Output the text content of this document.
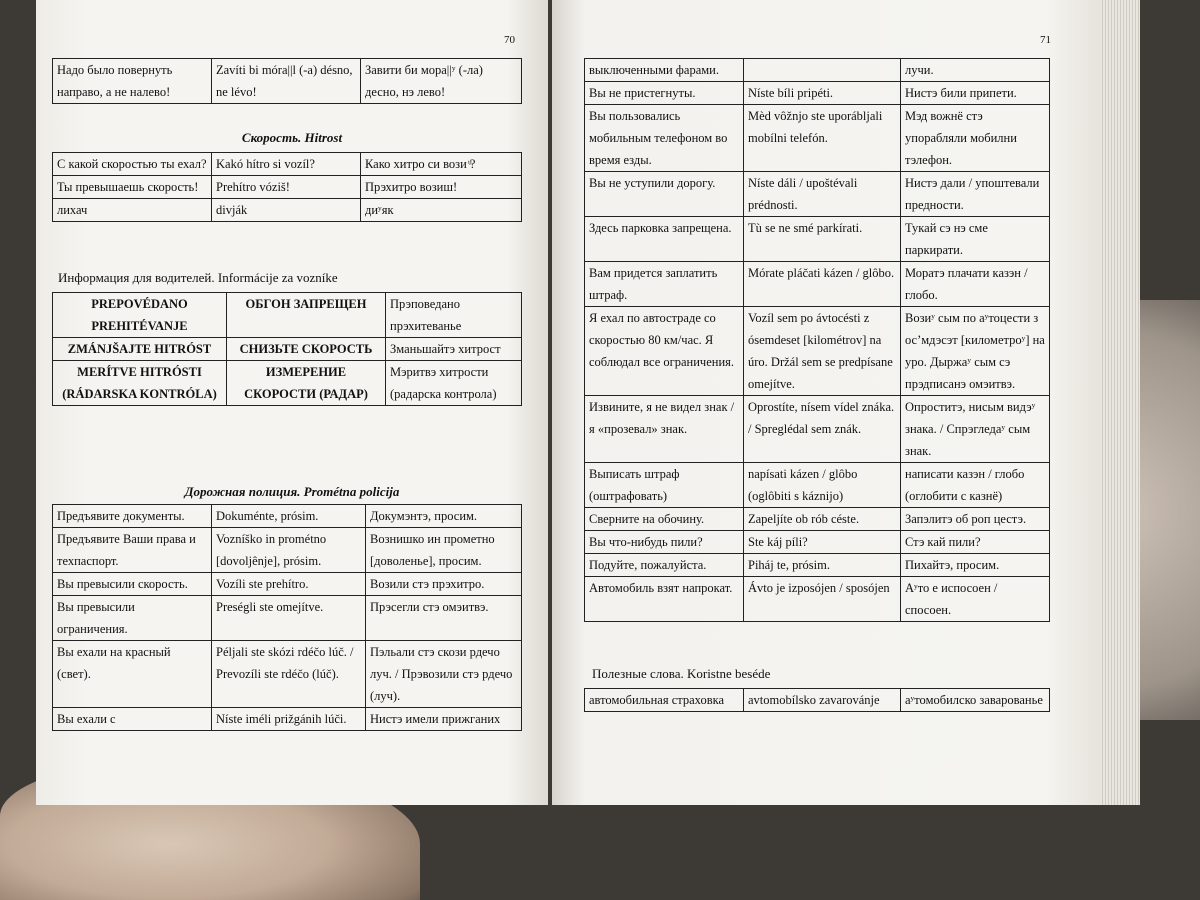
70
Надо было повернуть направо, а не налево!	Zavíti bi móra||l (-a) désno, ne lévo!	Завити би мора||ʸ (-ла) десно, нэ лево!
Скорость. Hitrost
С какой скоростью ты ехал?	Kakó hítro si vozíl?	Како хитро си вози ͧ?
Ты превышаешь скорость!	Prehítro vóziš!	Прэхитро возиш!
лихач	divják	диʸяк
Информация для водителей. Informácije za vozníke
PREPOVÉDANO PREHITÉVANJE	ОБГОН ЗАПРЕЩЕН	Прэповедано прэхитеванье
ZMÁNJŠAJTE HITRÓST	СНИЗЬТЕ СКОРОСТЬ	Зманьшайтэ хитрост
MERÍTVE HITRÓSTI (RÁDARSKA KONTRÓLA)	ИЗМЕРЕНИЕ СКОРОСТИ (РАДАР)	Мэритвэ хитрости (радарска контрола)
Дорожная полиция. Prométna policija
Предъявите документы.	Dokuménte, prósim.	Докумэнтэ, просим.
Предъявите Ваши права и техпаспорт.	Vozníško in prométno [dovoljênje], prósim.	Вознишко ин прометно [доволенье], просим.
Вы превысили скорость.	Vozíli ste prehítro.	Возили стэ прэхитро.
Вы превысили ограничения.	Preségli ste omejítve.	Прэсегли стэ омэитвэ.
Вы ехали на красный (свет).	Péljali ste skózi rdéčo lúč. / Prevozíli ste rdéčo (lúč).	Пэльали стэ скози рдечо луч. / Прэвозили стэ рдечо (луч).
Вы ехали с	Níste iméli prižgánih lúči.	Нистэ имели прижганих
71
выключенными фарами.		лучи.
Вы не пристегнуты.	Níste bíli pripéti.	Нистэ били припети.
Вы пользовались мобильным телефоном во время езды.	Mèd vôžnjo ste uporábljali mobílni telefón.	Мэд вожнё стэ упорабляли мобилни тэлефон.
Вы не уступили дорогу.	Níste dáli / upoštévali prédnosti.	Нистэ дали / упоштевали предности.
Здесь парковка запрещена.	Tù se ne smé parkírati.	Тукай сэ нэ сме паркирати.
Вам придется заплатить штраф.	Mórate pláčati kázen / glôbo.	Моратэ плачати казэн / глобо.
Я ехал по автостраде со скоростью 80 км/час. Я соблюдал все ограничения.	Vozíl sem po ávtocésti z ósemdeset [kilométrov] na úro. Držál sem se predpísane omejítve.	Возиʸ сым по аʸтоцести з ос’мдэсэт [километроʸ] на уро. Дыржаʸ сым сэ прэдписанэ омэитвэ.
Извините, я не видел знак / я «прозевал» знак.	Oprostíte, nísem vídel znáka. / Spreglédal sem znák.	Опроститэ, нисым видэʸ знака. / Спрэгледаʸ сым знак.
Выписать штраф (оштрафовать)	napísati kázen / glôbo (oglôbiti s káznijo)	написати казэн / глобо (оглобити с казнё)
Сверните на обочину.	Zapeljíte ob rób céste.	Запэлитэ об роп цестэ.
Вы что-нибудь пили?	Ste káj píli?	Стэ кай пили?
Подуйте, пожалуйста.	Piháj te, prósim.	Пихайтэ, просим.
Автомобиль взят напрокат.	Ávto je izposójen / sposójen	Аʸто е испосоен / спосоен.
Полезные слова. Koristne beséde
автомобильная страховка	avtomobílsko zavarovánje	аʸтомобилско заварованье
